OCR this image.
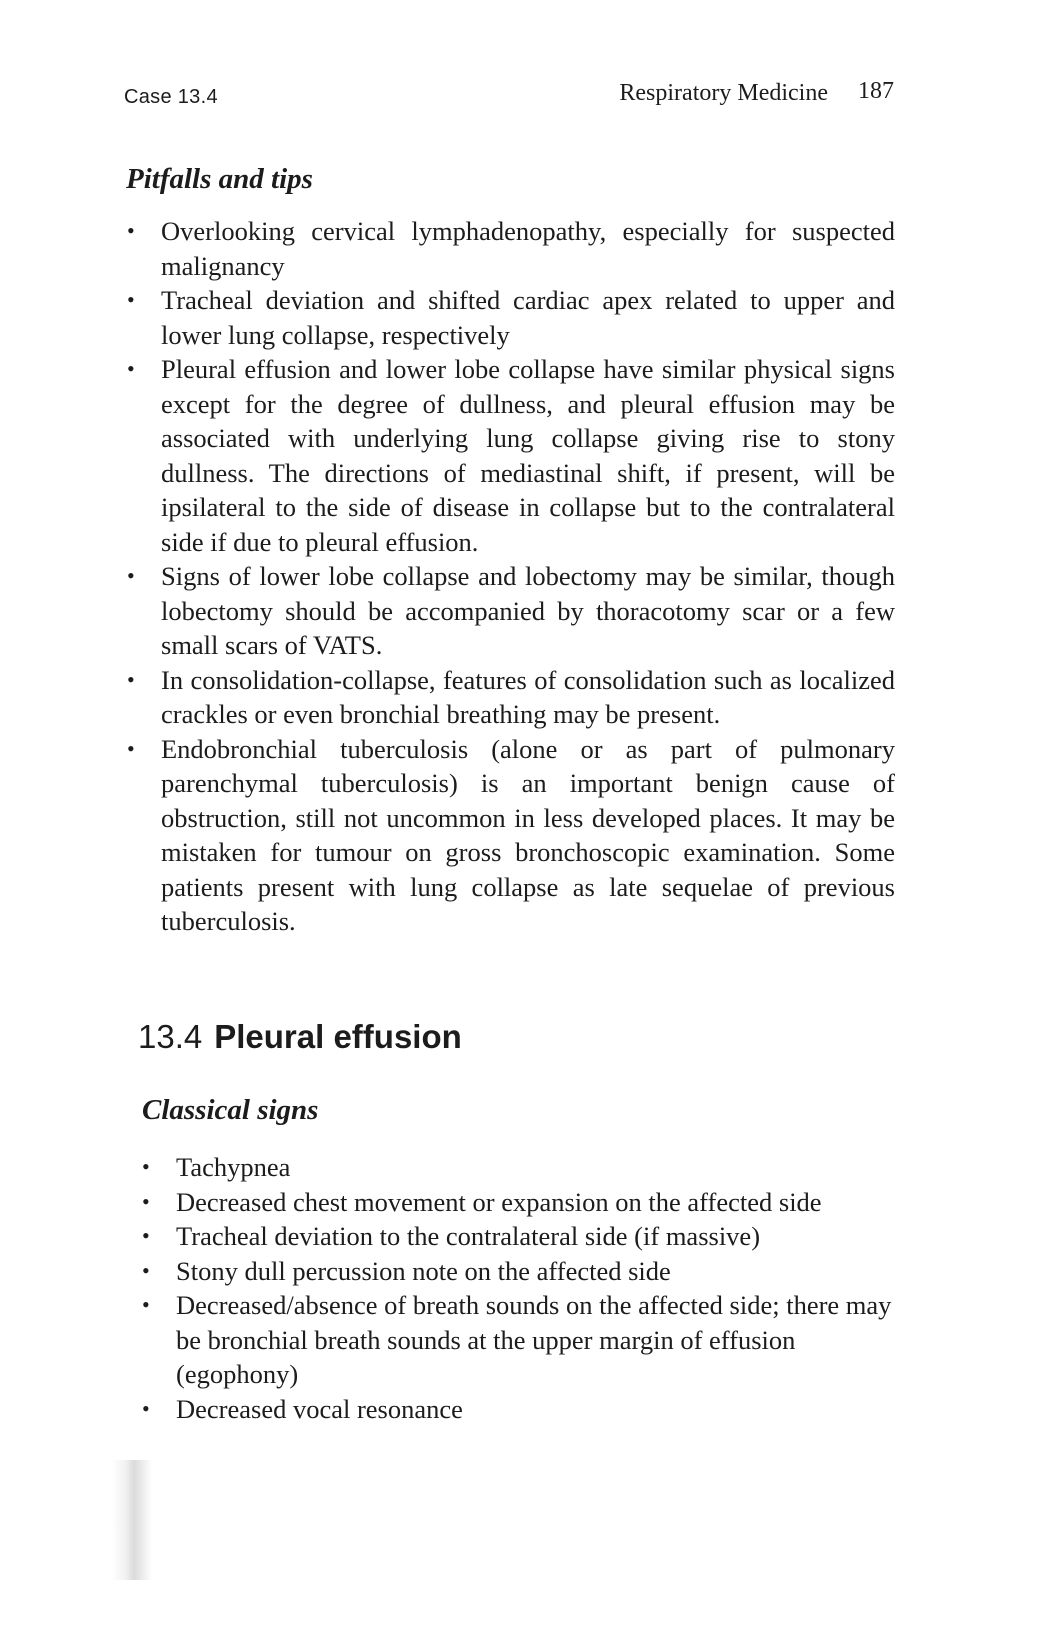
Case 13.4	Respiratory Medicine 187
Pitfalls and tips
• Overlooking cervical lymphadenopathy, especially for suspected malignancy
• Tracheal deviation and shifted cardiac apex related to upper and lower lung collapse, respectively
• Pleural effusion and lower lobe collapse have similar physical signs except for the degree of dullness, and pleural effusion may be associated with underlying lung collapse giving rise to stony dullness. The directions of mediastinal shift, if present, will be ipsilateral to the side of disease in collapse but to the contralateral side if due to pleural effusion.
• Signs of lower lobe collapse and lobectomy may be similar, though lobectomy should be accompanied by thoracotomy scar or a few small scars of VATS.
• In consolidation-collapse, features of consolidation such as localized crackles or even bronchial breathing may be present.
• Endobronchial tuberculosis (alone or as part of pulmonary parenchymal tuberculosis) is an important benign cause of obstruction, still not uncommon in less developed places. It may be mistaken for tumour on gross bronchoscopic examination. Some patients present with lung collapse as late sequelae of previous tuberculosis.
13.4 Pleural effusion
Classical signs
• Tachypnea
• Decreased chest movement or expansion on the affected side
• Tracheal deviation to the contralateral side (if massive)
• Stony dull percussion note on the affected side
• Decreased/absence of breath sounds on the affected side; there may be bronchial breath sounds at the upper margin of effusion (egophony)
• Decreased vocal resonance
